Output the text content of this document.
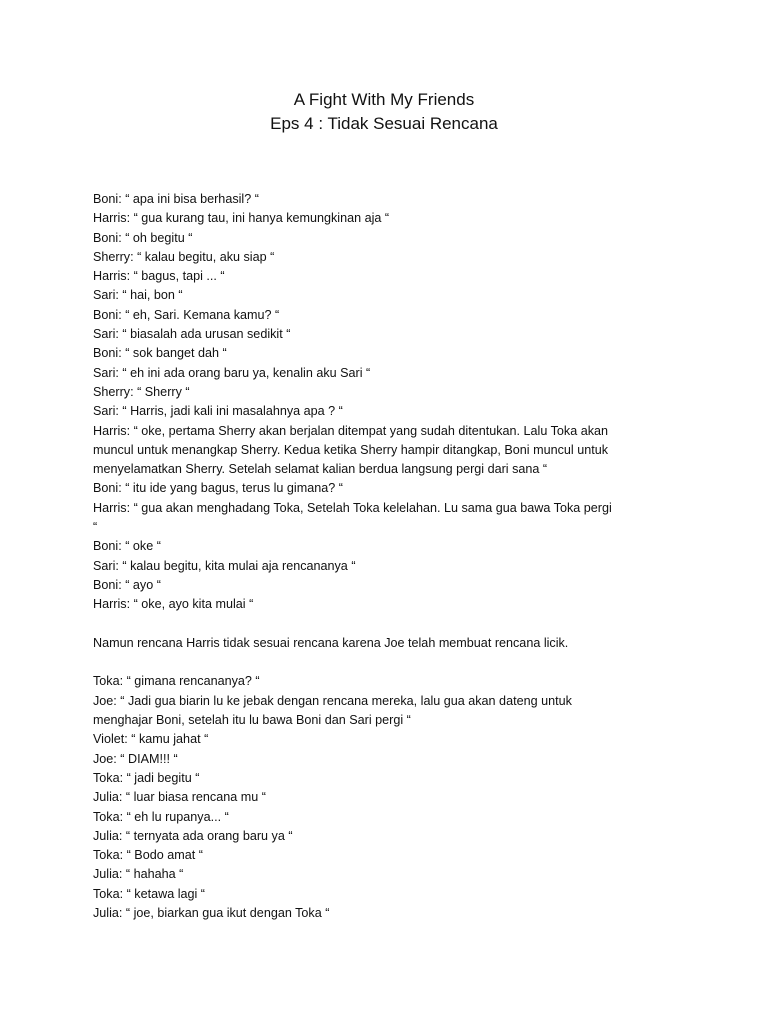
A Fight With My Friends
Eps 4 : Tidak Sesuai Rencana
Boni: “ apa ini bisa berhasil? “
Harris: “ gua kurang tau, ini hanya kemungkinan aja “
Boni: “ oh begitu “
Sherry: “ kalau begitu, aku siap “
Harris: “ bagus, tapi ... “
Sari: “ hai, bon “
Boni: “ eh, Sari. Kemana kamu? “
Sari: “ biasalah ada urusan sedikit “
Boni: “ sok banget dah “
Sari: “ eh ini ada orang baru ya, kenalin aku Sari “
Sherry: “ Sherry “
Sari: “ Harris, jadi kali ini masalahnya apa ? “
Harris: “ oke, pertama Sherry akan berjalan ditempat yang sudah ditentukan. Lalu Toka akan
muncul untuk menangkap Sherry. Kedua ketika Sherry hampir ditangkap, Boni muncul untuk
menyelamatkan Sherry. Setelah selamat kalian berdua langsung pergi dari sana “
Boni: “ itu ide yang bagus, terus lu gimana? “
Harris: “ gua akan menghadang Toka, Setelah Toka kelelahan. Lu sama gua bawa Toka pergi
“
Boni: “ oke “
Sari: “ kalau begitu, kita mulai aja rencananya “
Boni: “ ayo “
Harris: “ oke, ayo kita mulai “
Namun rencana Harris tidak sesuai rencana karena Joe telah membuat rencana licik.
Toka: “ gimana rencananya? “
Joe: “ Jadi gua biarin lu ke jebak dengan rencana mereka, lalu gua akan dateng untuk
menghajar Boni, setelah itu lu bawa Boni dan Sari pergi “
Violet: “ kamu jahat “
Joe: “ DIAM!!! “
Toka: “ jadi begitu “
Julia: “ luar biasa rencana mu “
Toka: “ eh lu rupanya... “
Julia: “ ternyata ada orang baru ya “
Toka: “ Bodo amat “
Julia: “ hahaha “
Toka: “ ketawa lagi “
Julia: “ joe, biarkan gua ikut dengan Toka “
